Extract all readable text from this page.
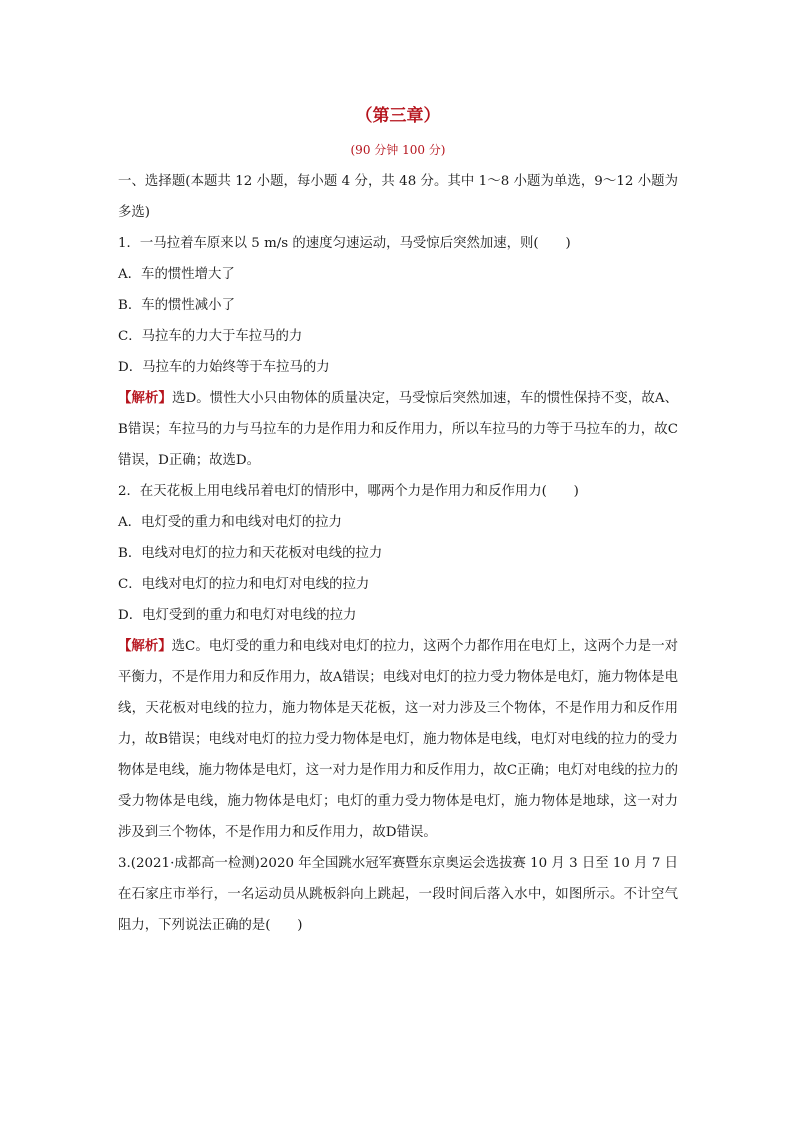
（第三章）

(90 分钟 100 分)

一、选择题(本题共 12 小题，每小题 4 分，共 48 分。其中 1～8 小题为单选，9～12 小题为多选)

1．一马拉着车原来以 5 m/s 的速度匀速运动，马受惊后突然加速，则(　　)

A．车的惯性增大了

B．车的惯性减小了

C．马拉车的力大于车拉马的力

D．马拉车的力始终等于车拉马的力

【解析】选D。惯性大小只由物体的质量决定，马受惊后突然加速，车的惯性保持不变，故A、B错误；车拉马的力与马拉车的力是作用力和反作用力，所以车拉马的力等于马拉车的力，故C错误，D正确；故选D。

2．在天花板上用电线吊着电灯的情形中，哪两个力是作用力和反作用力(　　)

A．电灯受的重力和电线对电灯的拉力

B．电线对电灯的拉力和天花板对电线的拉力

C．电线对电灯的拉力和电灯对电线的拉力

D．电灯受到的重力和电灯对电线的拉力

【解析】选C。电灯受的重力和电线对电灯的拉力，这两个力都作用在电灯上，这两个力是一对平衡力，不是作用力和反作用力，故A错误；电线对电灯的拉力受力物体是电灯，施力物体是电线，天花板对电线的拉力，施力物体是天花板，这一对力涉及三个物体，不是作用力和反作用力，故B错误；电线对电灯的拉力受力物体是电灯，施力物体是电线，电灯对电线的拉力的受力物体是电线，施力物体是电灯，这一对力是作用力和反作用力，故C正确；电灯对电线的拉力的受力物体是电线，施力物体是电灯；电灯的重力受力物体是电灯，施力物体是地球，这一对力涉及到三个物体，不是作用力和反作用力，故D错误。

3.(2021·成都高一检测)2020 年全国跳水冠军赛暨东京奥运会选拔赛 10 月 3 日至 10 月 7 日在石家庄市举行，一名运动员从跳板斜向上跳起，一段时间后落入水中，如图所示。不计空气阻力，下列说法正确的是(　　)
